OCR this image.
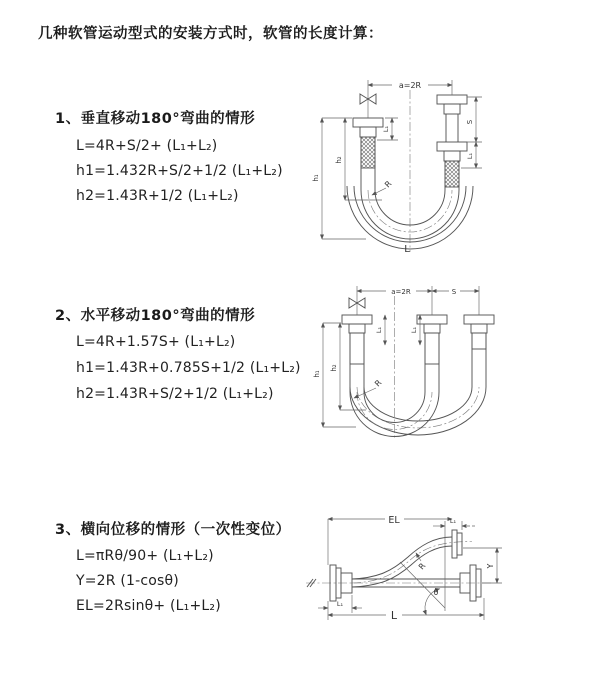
几种软管运动型式的安装方式时，软管的长度计算：
1、垂直移动180°弯曲的情形
L=4R+S/2+ (L₁+L₂)
h1=1.432R+S/2+1/2 (L₁+L₂)
h2=1.43R+1/2 (L₁+L₂)
2、水平移动180°弯曲的情形
L=4R+1.57S+ (L₁+L₂)
h1=1.43R+0.785S+1/2 (L₁+L₂)
h2=1.43R+S/2+1/2 (L₁+L₂)
3、横向位移的情形（一次性变位）
L=πRθ/90+ (L₁+L₂)
Y=2R (1-cosθ)
EL=2Rsinθ+ (L₁+L₂)
a=2R
S
L₁
L₁
h₁
h₂
R
L
a=2R	S
h₁
h₂
L₁	L₁
R
EL	L₁
Y
L
L₁
R
θ
